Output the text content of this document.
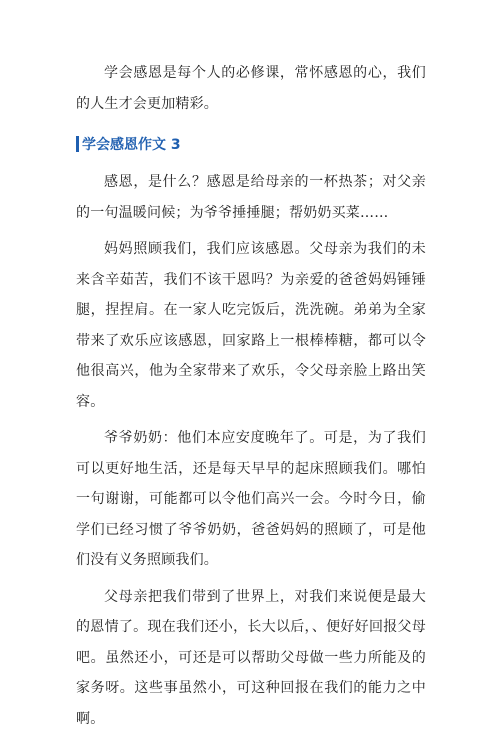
学会感恩是每个人的必修课，常怀感恩的心，我们的人生才会更加精彩。

学会感恩作文 3

感恩，是什么？感恩是给母亲的一杯热茶；对父亲的一句温暖问候；为爷爷捶捶腿；帮奶奶买菜……

妈妈照顾我们，我们应该感恩。父母亲为我们的未来含辛茹苦，我们不该干恩吗？为亲爱的爸爸妈妈锤锤腿，捏捏肩。在一家人吃完饭后，洗洗碗。弟弟为全家带来了欢乐应该感恩，回家路上一根棒棒糖，都可以令他很高兴，他为全家带来了欢乐，令父母亲脸上路出笑容。

爷爷奶奶：他们本应安度晚年了。可是，为了我们可以更好地生活，还是每天早早的起床照顾我们。哪怕一句谢谢，可能都可以令他们高兴一会。今时今日，偷学们已经习惯了爷爷奶奶，爸爸妈妈的照顾了，可是他们没有义务照顾我们。

父母亲把我们带到了世界上，对我们来说便是最大的恩情了。现在我们还小，长大以后，、便好好回报父母吧。虽然还小，可还是可以帮助父母做一些力所能及的家务呀。这些事虽然小，可这种回报在我们的能力之中啊。
